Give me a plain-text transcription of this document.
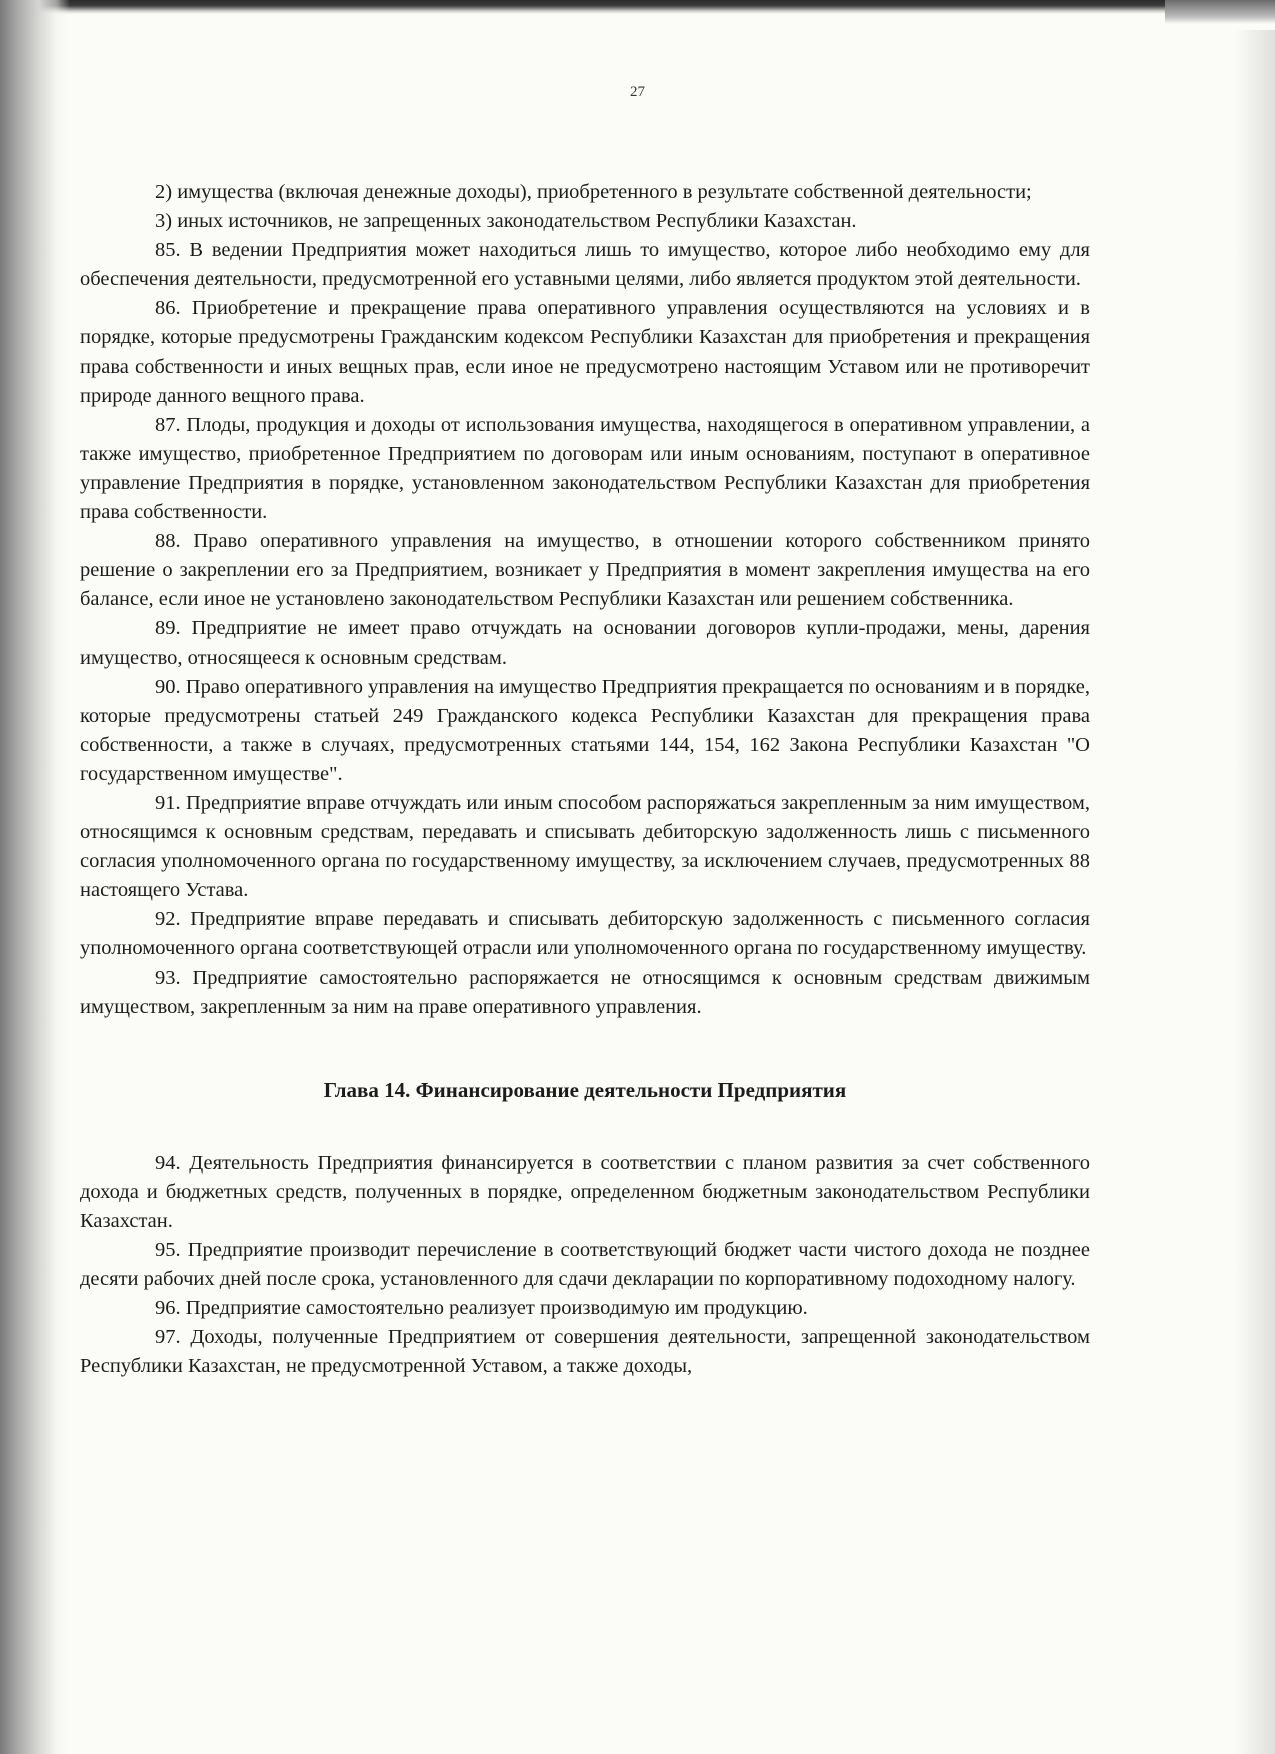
27

2) имущества (включая денежные доходы), приобретенного в результате собственной деятельности;

3) иных источников, не запрещенных законодательством Республики Казахстан.

85. В ведении Предприятия может находиться лишь то имущество, которое либо необходимо ему для обеспечения деятельности, предусмотренной его уставными целями, либо является продуктом этой деятельности.

86. Приобретение и прекращение права оперативного управления осуществляются на условиях и в порядке, которые предусмотрены Гражданским кодексом Республики Казахстан для приобретения и прекращения права собственности и иных вещных прав, если иное не предусмотрено настоящим Уставом или не противоречит природе данного вещного права.

87. Плоды, продукция и доходы от использования имущества, находящегося в оперативном управлении, а также имущество, приобретенное Предприятием по договорам или иным основаниям, поступают в оперативное управление Предприятия в порядке, установленном законодательством Республики Казахстан для приобретения права собственности.

88. Право оперативного управления на имущество, в отношении которого собственником принято решение о закреплении его за Предприятием, возникает у Предприятия в момент закрепления имущества на его балансе, если иное не установлено законодательством Республики Казахстан или решением собственника.

89. Предприятие не имеет право отчуждать на основании договоров купли-продажи, мены, дарения имущество, относящееся к основным средствам.

90. Право оперативного управления на имущество Предприятия прекращается по основаниям и в порядке, которые предусмотрены статьей 249 Гражданского кодекса Республики Казахстан для прекращения права собственности, а также в случаях, предусмотренных статьями 144, 154, 162 Закона Республики Казахстан "О государственном имуществе".

91. Предприятие вправе отчуждать или иным способом распоряжаться закрепленным за ним имуществом, относящимся к основным средствам, передавать и списывать дебиторскую задолженность лишь с письменного согласия уполномоченного органа по государственному имуществу, за исключением случаев, предусмотренных 88 настоящего Устава.

92. Предприятие вправе передавать и списывать дебиторскую задолженность с письменного согласия уполномоченного органа соответствующей отрасли или уполномоченного органа по государственному имуществу.

93. Предприятие самостоятельно распоряжается не относящимся к основным средствам движимым имуществом, закрепленным за ним на праве оперативного управления.

Глава 14. Финансирование деятельности Предприятия

94. Деятельность Предприятия финансируется в соответствии с планом развития за счет собственного дохода и бюджетных средств, полученных в порядке, определенном бюджетным законодательством Республики Казахстан.

95. Предприятие производит перечисление в соответствующий бюджет части чистого дохода не позднее десяти рабочих дней после срока, установленного для сдачи декларации по корпоративному подоходному налогу.

96. Предприятие самостоятельно реализует производимую им продукцию.

97. Доходы, полученные Предприятием от совершения деятельности, запрещенной законодательством Республики Казахстан, не предусмотренной Уставом, а также доходы,
